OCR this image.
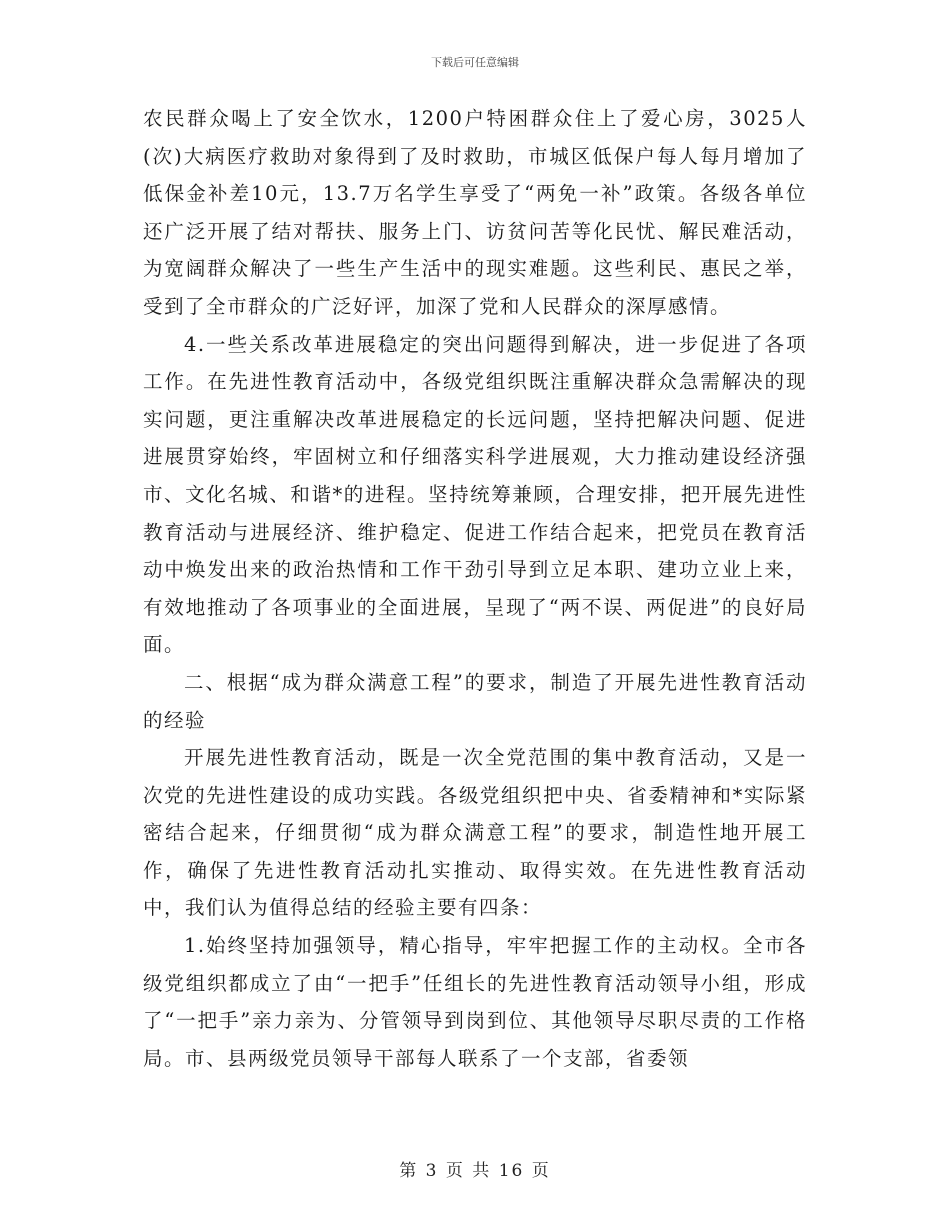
下载后可任意编辑

农民群众喝上了安全饮水，1200户特困群众住上了爱心房，3025人(次)大病医疗救助对象得到了及时救助，市城区低保户每人每月增加了低保金补差10元，13.7万名学生享受了“两免一补”政策。各级各单位还广泛开展了结对帮扶、服务上门、访贫问苦等化民忧、解民难活动，为宽阔群众解决了一些生产生活中的现实难题。这些利民、惠民之举，受到了全市群众的广泛好评，加深了党和人民群众的深厚感情。

4.一些关系改革进展稳定的突出问题得到解决，进一步促进了各项工作。在先进性教育活动中，各级党组织既注重解决群众急需解决的现实问题，更注重解决改革进展稳定的长远问题，坚持把解决问题、促进进展贯穿始终，牢固树立和仔细落实科学进展观，大力推动建设经济强市、文化名城、和谐*的进程。坚持统筹兼顾，合理安排，把开展先进性教育活动与进展经济、维护稳定、促进工作结合起来，把党员在教育活动中焕发出来的政治热情和工作干劲引导到立足本职、建功立业上来，有效地推动了各项事业的全面进展，呈现了“两不误、两促进”的良好局面。

二、根据“成为群众满意工程”的要求，制造了开展先进性教育活动的经验

开展先进性教育活动，既是一次全党范围的集中教育活动，又是一次党的先进性建设的成功实践。各级党组织把中央、省委精神和*实际紧密结合起来，仔细贯彻“成为群众满意工程”的要求，制造性地开展工作，确保了先进性教育活动扎实推动、取得实效。在先进性教育活动中，我们认为值得总结的经验主要有四条：

1.始终坚持加强领导，精心指导，牢牢把握工作的主动权。全市各级党组织都成立了由“一把手”任组长的先进性教育活动领导小组，形成了“一把手”亲力亲为、分管领导到岗到位、其他领导尽职尽责的工作格局。市、县两级党员领导干部每人联系了一个支部，省委领

第 3 页 共 16 页
